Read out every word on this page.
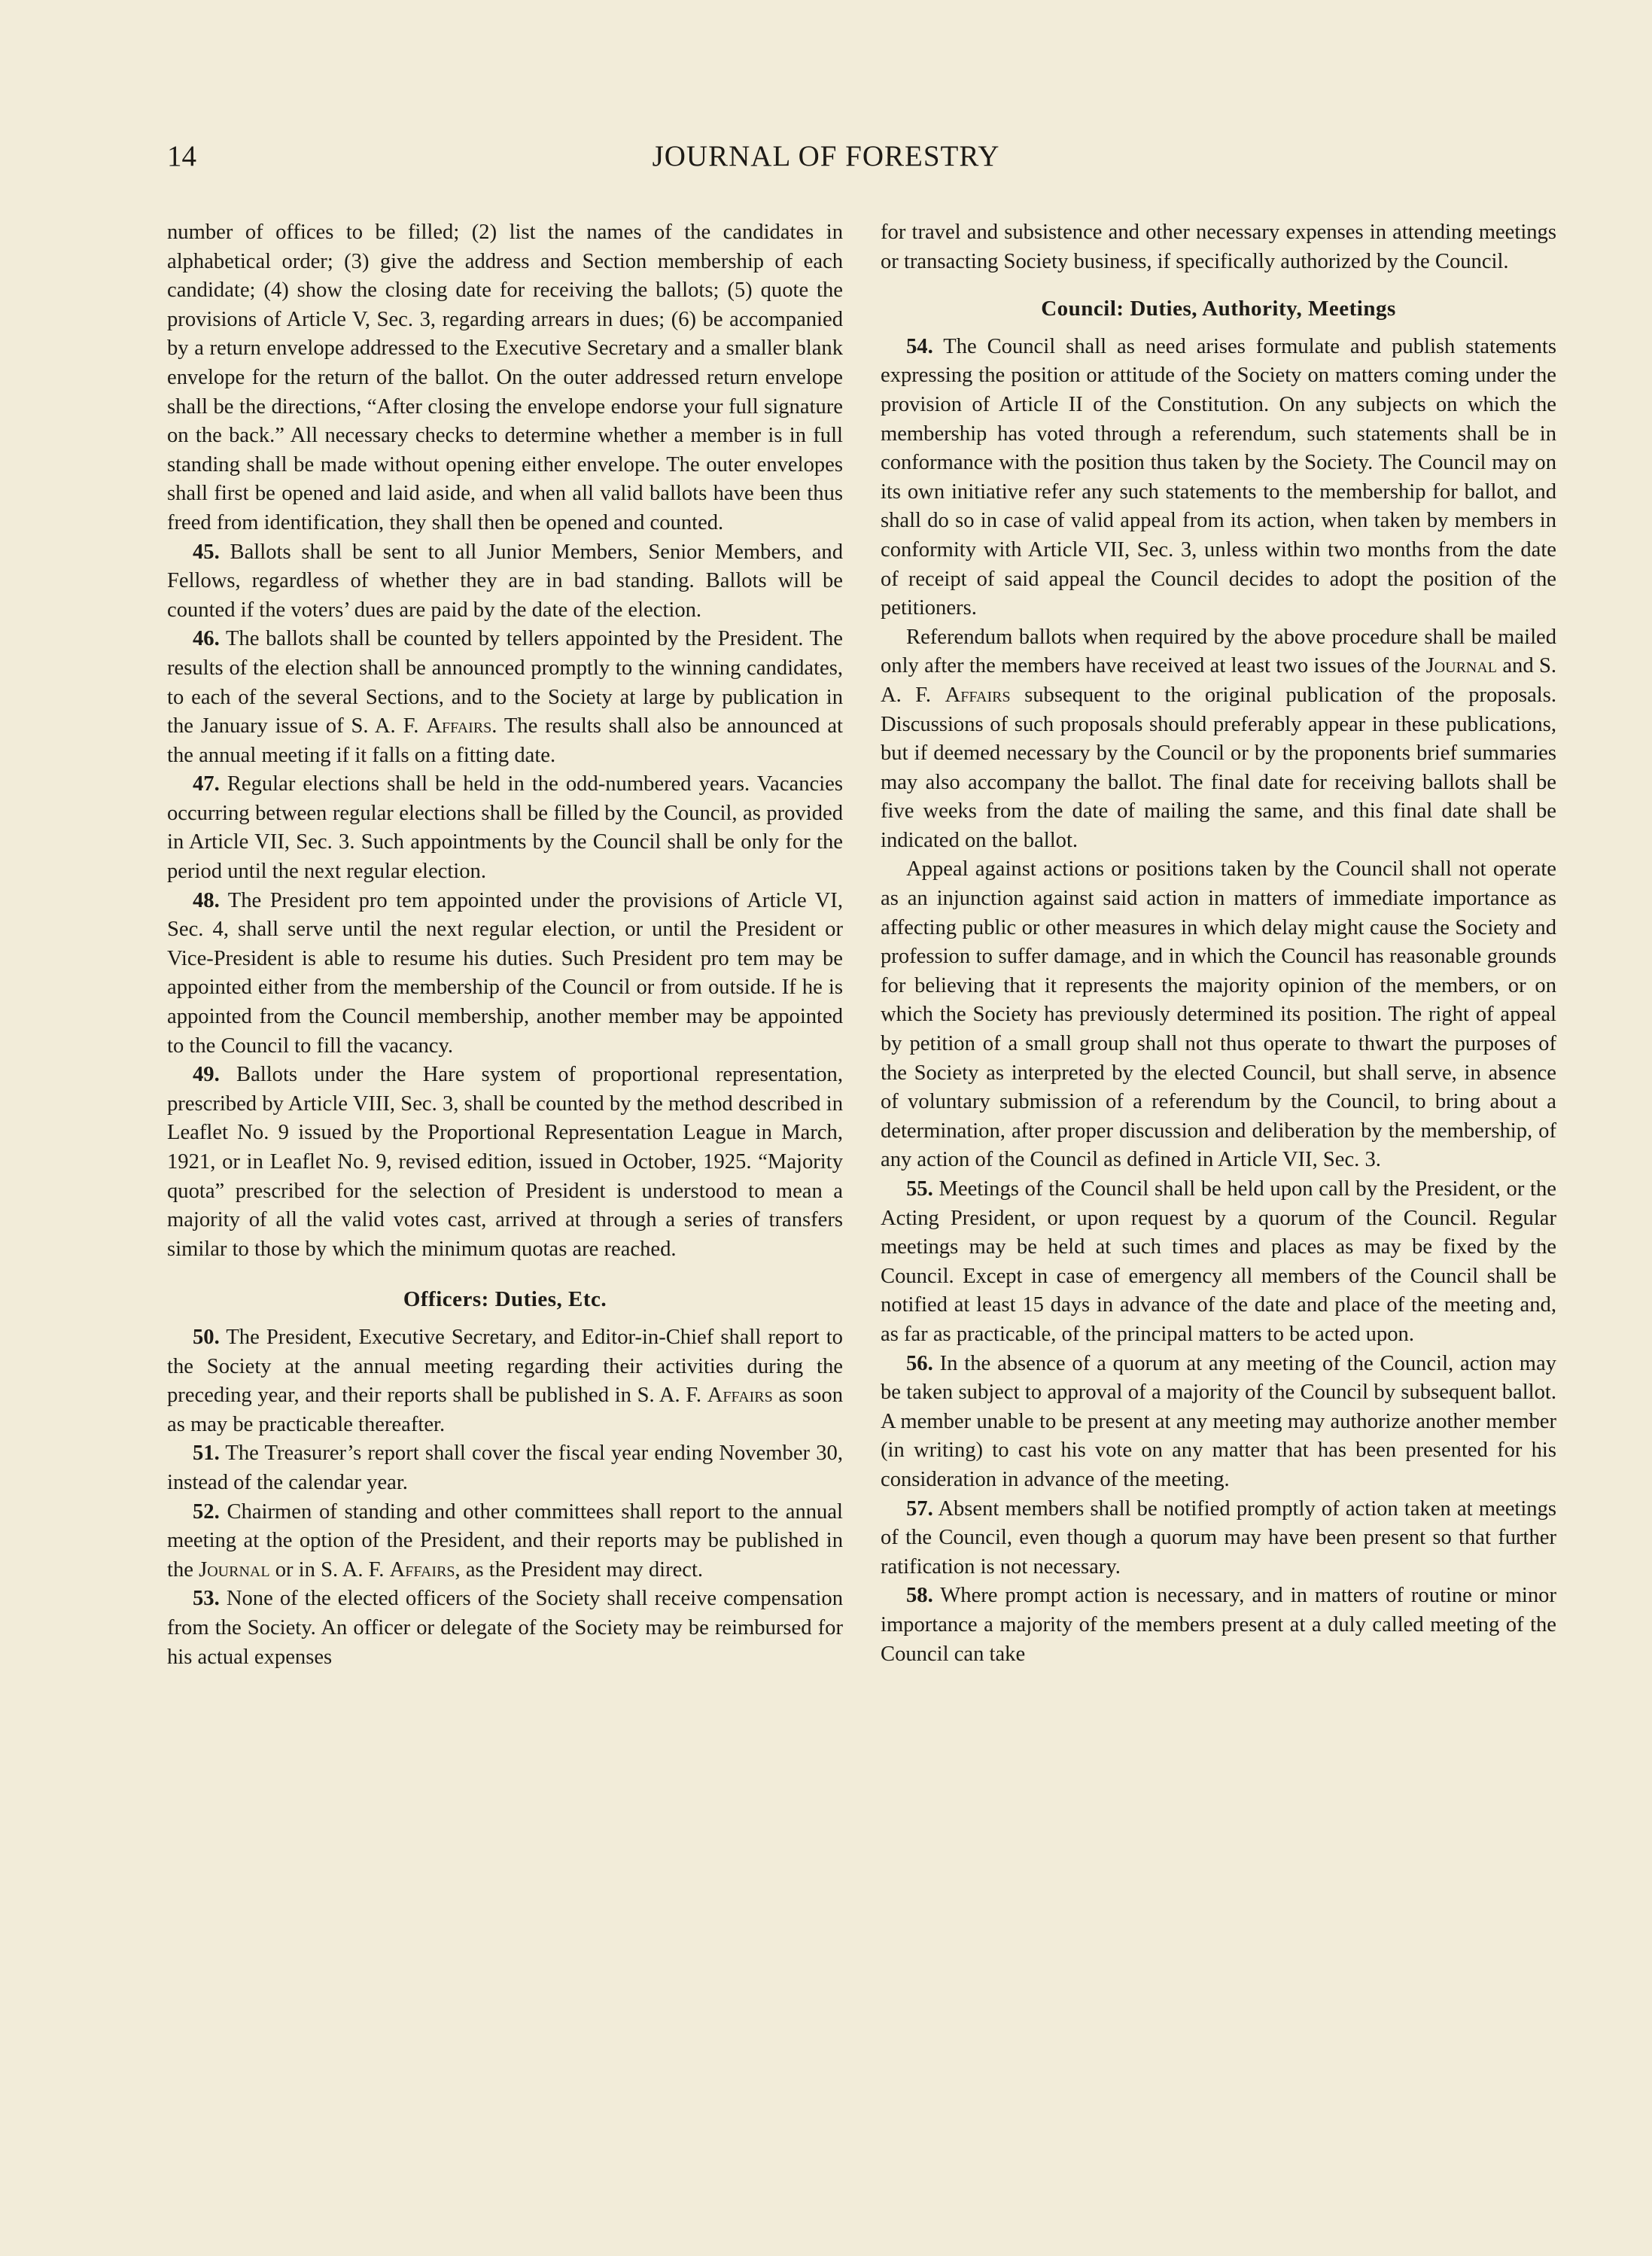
14	JOURNAL OF FORESTRY

number of offices to be filled; (2) list the names of the candidates in alphabetical order; (3) give the address and Section membership of each candidate; (4) show the closing date for receiving the ballots; (5) quote the provisions of Article V, Sec. 3, regarding arrears in dues; (6) be accompanied by a return envelope addressed to the Executive Secretary and a smaller blank envelope for the return of the ballot. On the outer addressed return envelope shall be the directions, “After closing the envelope endorse your full signature on the back.” All necessary checks to determine whether a member is in full standing shall be made without opening either envelope. The outer envelopes shall first be opened and laid aside, and when all valid ballots have been thus freed from identification, they shall then be opened and counted.

45. Ballots shall be sent to all Junior Members, Senior Members, and Fellows, regardless of whether they are in bad standing. Ballots will be counted if the voters’ dues are paid by the date of the election.

46. The ballots shall be counted by tellers appointed by the President. The results of the election shall be announced promptly to the winning candidates, to each of the several Sections, and to the Society at large by publication in the January issue of S. A. F. Affairs. The results shall also be announced at the annual meeting if it falls on a fitting date.

47. Regular elections shall be held in the odd-numbered years. Vacancies occurring between regular elections shall be filled by the Council, as provided in Article VII, Sec. 3. Such appointments by the Council shall be only for the period until the next regular election.

48. The President pro tem appointed under the provisions of Article VI, Sec. 4, shall serve until the next regular election, or until the President or Vice-President is able to resume his duties. Such President pro tem may be appointed either from the membership of the Council or from outside. If he is appointed from the Council membership, another member may be appointed to the Council to fill the vacancy.

49. Ballots under the Hare system of proportional representation, prescribed by Article VIII, Sec. 3, shall be counted by the method described in Leaflet No. 9 issued by the Proportional Representation League in March, 1921, or in Leaflet No. 9, revised edition, issued in October, 1925. “Majority quota” prescribed for the selection of President is understood to mean a majority of all the valid votes cast, arrived at through a series of transfers similar to those by which the minimum quotas are reached.

Officers: Duties, Etc.

50. The President, Executive Secretary, and Editor-in-Chief shall report to the Society at the annual meeting regarding their activities during the preceding year, and their reports shall be published in S. A. F. Affairs as soon as may be practicable thereafter.

51. The Treasurer’s report shall cover the fiscal year ending November 30, instead of the calendar year.

52. Chairmen of standing and other committees shall report to the annual meeting at the option of the President, and their reports may be published in the Journal or in S. A. F. Affairs, as the President may direct.

53. None of the elected officers of the Society shall receive compensation from the Society. An officer or delegate of the Society may be reimbursed for his actual expenses

for travel and subsistence and other necessary expenses in attending meetings or transacting Society business, if specifically authorized by the Council.

Council: Duties, Authority, Meetings

54. The Council shall as need arises formulate and publish statements expressing the position or attitude of the Society on matters coming under the provision of Article II of the Constitution. On any subjects on which the membership has voted through a referendum, such statements shall be in conformance with the position thus taken by the Society. The Council may on its own initiative refer any such statements to the membership for ballot, and shall do so in case of valid appeal from its action, when taken by members in conformity with Article VII, Sec. 3, unless within two months from the date of receipt of said appeal the Council decides to adopt the position of the petitioners.

Referendum ballots when required by the above procedure shall be mailed only after the members have received at least two issues of the Journal and S. A. F. Affairs subsequent to the original publication of the proposals. Discussions of such proposals should preferably appear in these publications, but if deemed necessary by the Council or by the proponents brief summaries may also accompany the ballot. The final date for receiving ballots shall be five weeks from the date of mailing the same, and this final date shall be indicated on the ballot.

Appeal against actions or positions taken by the Council shall not operate as an injunction against said action in matters of immediate importance as affecting public or other measures in which delay might cause the Society and profession to suffer damage, and in which the Council has reasonable grounds for believing that it represents the majority opinion of the members, or on which the Society has previously determined its position. The right of appeal by petition of a small group shall not thus operate to thwart the purposes of the Society as interpreted by the elected Council, but shall serve, in absence of voluntary submission of a referendum by the Council, to bring about a determination, after proper discussion and deliberation by the membership, of any action of the Council as defined in Article VII, Sec. 3.

55. Meetings of the Council shall be held upon call by the President, or the Acting President, or upon request by a quorum of the Council. Regular meetings may be held at such times and places as may be fixed by the Council. Except in case of emergency all members of the Council shall be notified at least 15 days in advance of the date and place of the meeting and, as far as practicable, of the principal matters to be acted upon.

56. In the absence of a quorum at any meeting of the Council, action may be taken subject to approval of a majority of the Council by subsequent ballot. A member unable to be present at any meeting may authorize another member (in writing) to cast his vote on any matter that has been presented for his consideration in advance of the meeting.

57. Absent members shall be notified promptly of action taken at meetings of the Council, even though a quorum may have been present so that further ratification is not necessary.

58. Where prompt action is necessary, and in matters of routine or minor importance a majority of the members present at a duly called meeting of the Council can take
